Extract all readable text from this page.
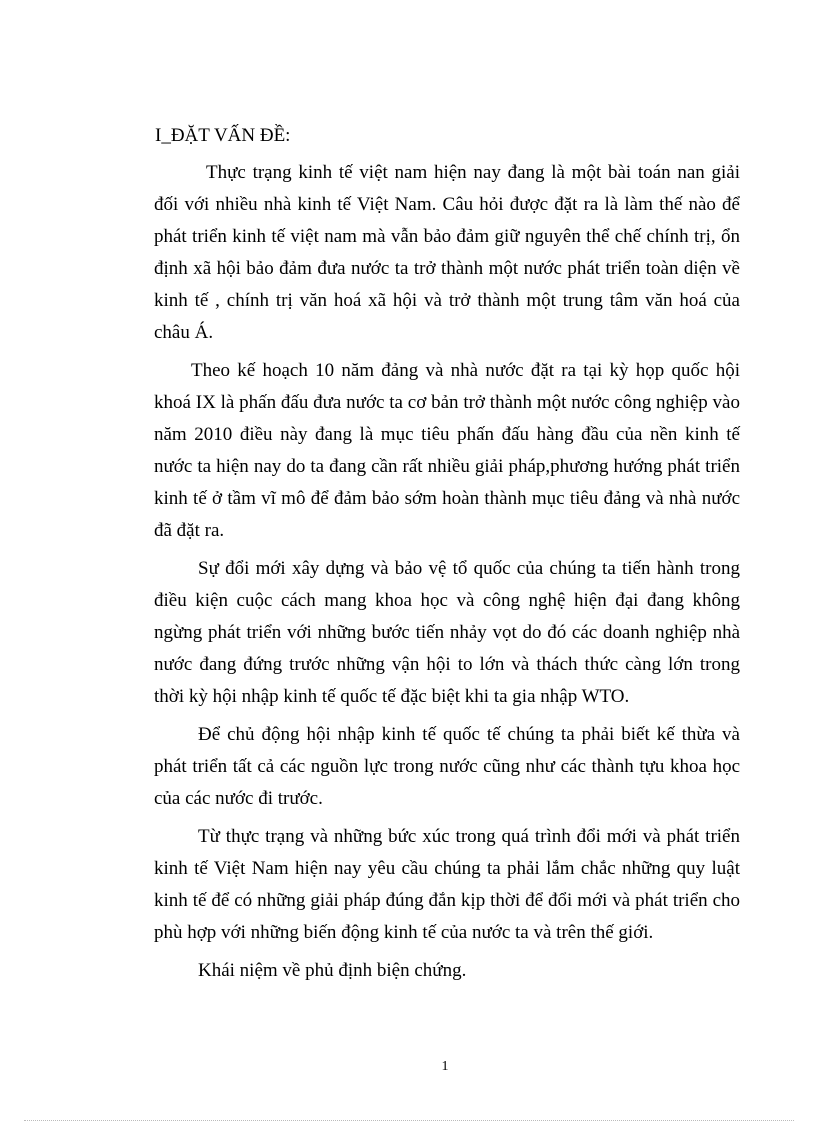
I_ĐẶT VẤN ĐỀ:

Thực trạng kinh tế việt nam hiện nay đang là một bài toán nan giải đối với nhiều nhà kinh tế Việt Nam. Câu hỏi được đặt ra là làm thế nào để phát triển kinh tế việt nam mà vẫn bảo đảm giữ nguyên thể chế chính trị, ổn định xã hội bảo đảm đưa nước ta trở thành một nước phát triển toàn diện về kinh tế , chính trị văn hoá xã hội và trở thành một trung tâm văn hoá của châu Á.

Theo kế hoạch 10 năm đảng và nhà nước đặt ra tại kỳ họp quốc hội khoá IX là phấn đấu đưa nước ta cơ bản trở thành một nước công nghiệp vào năm 2010 điều này đang là mục tiêu phấn đấu hàng đầu của nền kinh tế nước ta hiện nay do ta đang cần rất nhiều giải pháp,phương hướng phát triển kinh tế ở tầm vĩ mô để đảm bảo sớm hoàn thành mục tiêu đảng và nhà nước đã đặt ra.

Sự đổi mới xây dựng và bảo vệ tổ quốc của chúng ta tiến hành trong điều kiện cuộc cách mang khoa học và công nghệ hiện đại đang không ngừng phát triển với những bước tiến nhảy vọt do đó các doanh nghiệp nhà nước đang đứng trước những vận hội to lớn và thách thức càng lớn trong thời kỳ hội nhập kinh tế quốc tế đặc biệt khi ta gia nhập WTO.

Để chủ động hội nhập kinh tế quốc tế chúng ta phải biết kế thừa và phát triển tất cả các nguồn lực trong nước cũng như các thành tựu khoa học của các nước đi trước.

Từ thực trạng và những bức xúc trong quá trình đổi mới và phát triển kinh tế Việt Nam hiện nay yêu cầu chúng ta phải lắm chắc những quy luật kinh tế để có những giải pháp đúng đắn kịp thời để đổi mới và phát triển cho phù hợp với những biến động kinh tế của nước ta và trên thế giới.

Khái niệm về phủ định biện chứng.

1
